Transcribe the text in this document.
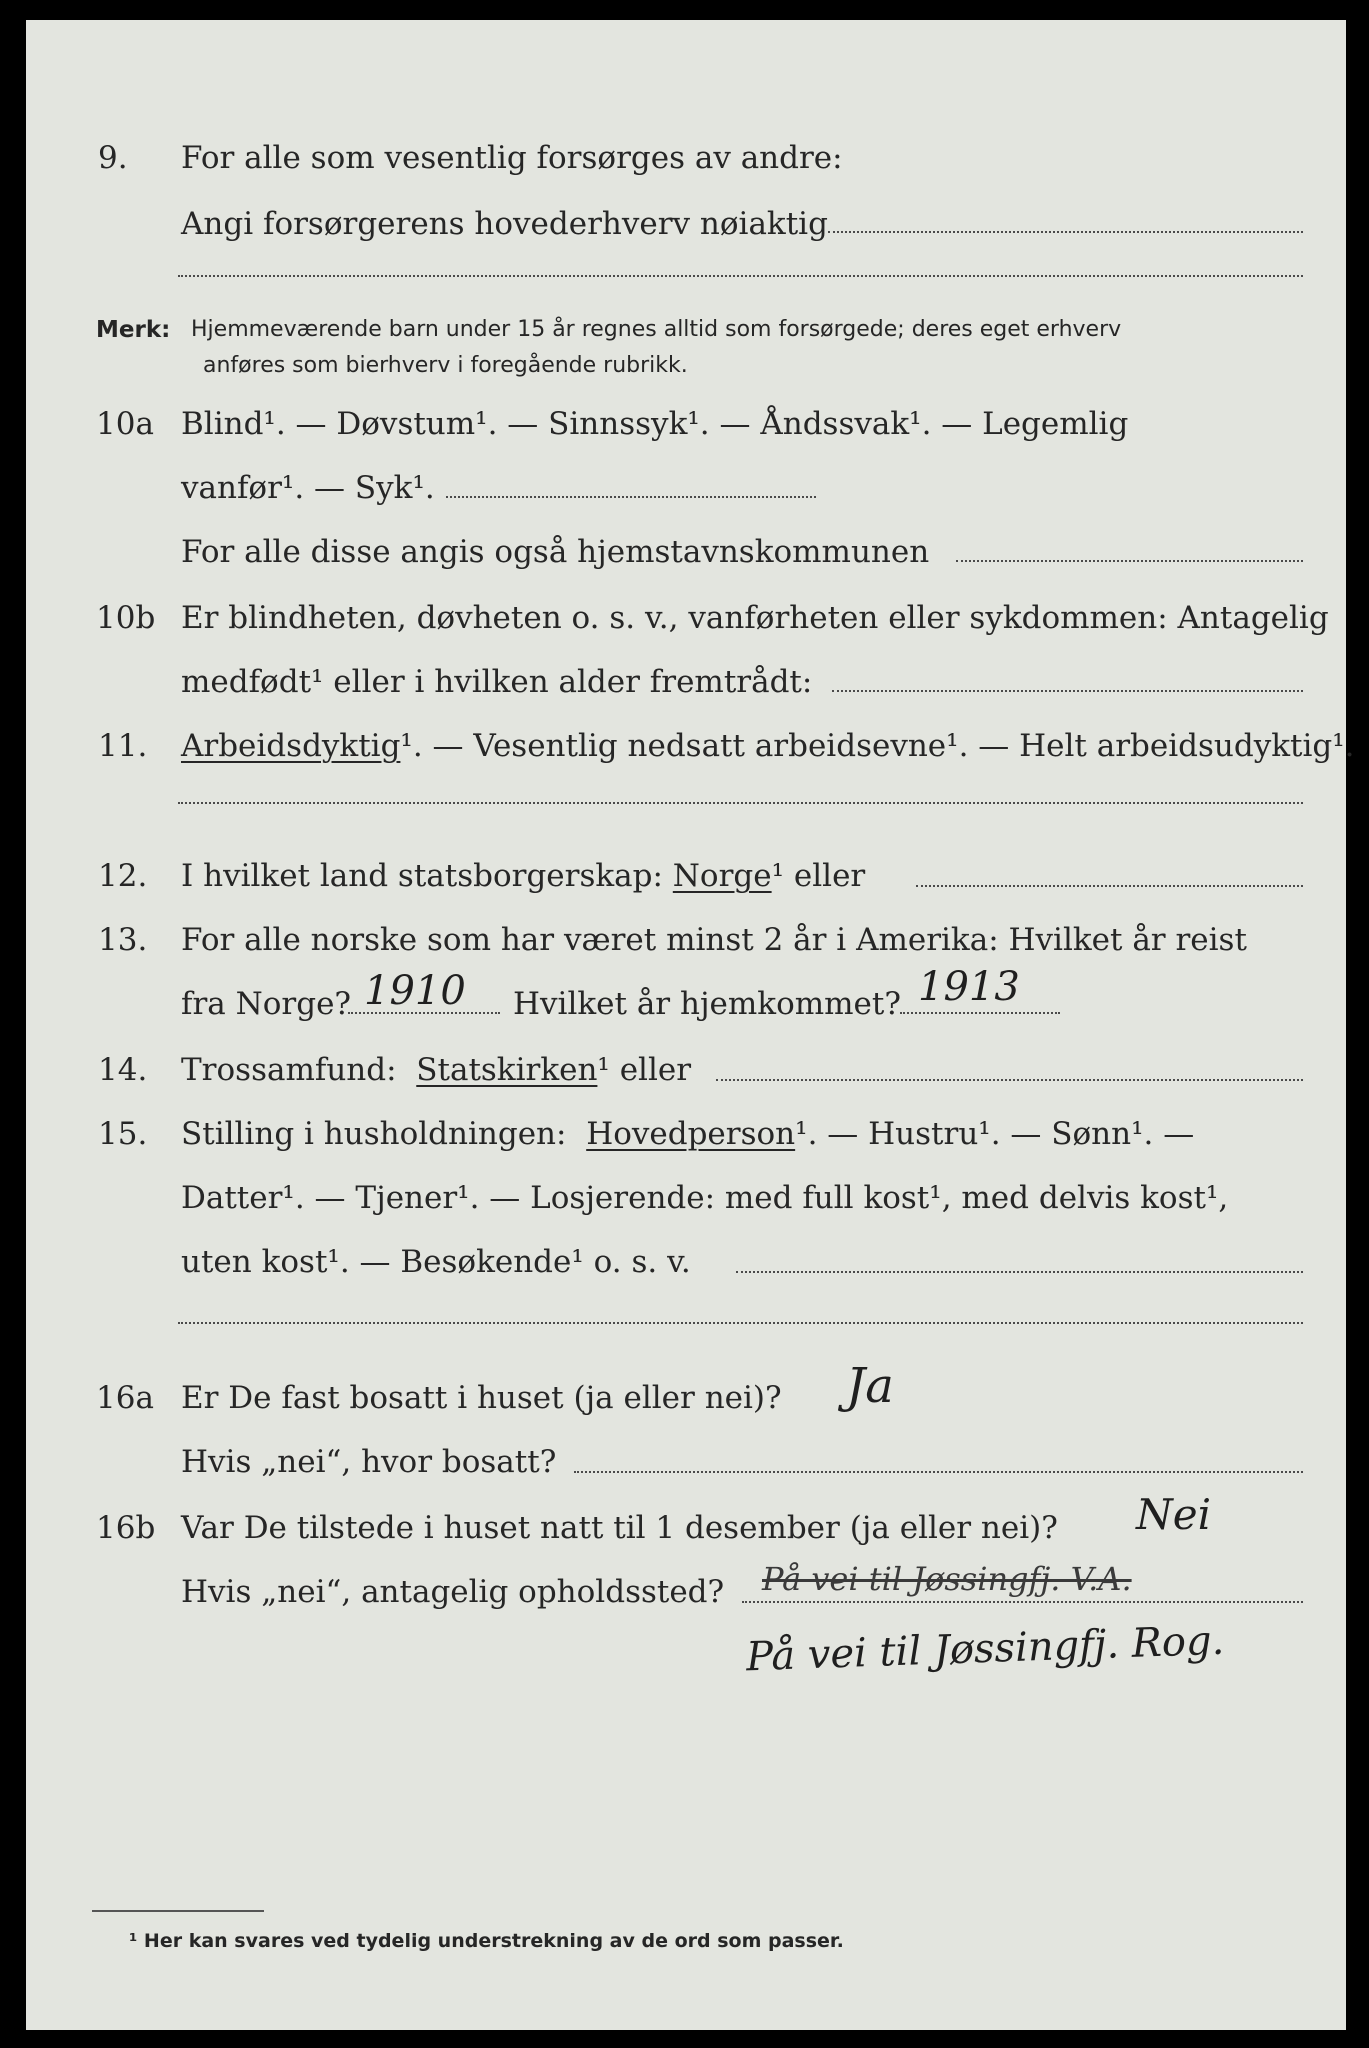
9. For alle som vesentlig forsørges av andre:
Angi forsørgerens hovederhverv nøiaktig
Merk: Hjemmeværende barn under 15 år regnes alltid som forsørgede; deres eget erhverv
anføres som bierhverv i foregående rubrikk.
10a Blind¹. — Døvstum¹. — Sinnssyk¹. — Åndssvak¹. — Legemlig
vanfør¹. — Syk¹.
For alle disse angis også hjemstavnskommunen
10b Er blindheten, døvheten o. s. v., vanførheten eller sykdommen: Antagelig
medfødt¹ eller i hvilken alder fremtrådt:
11. Arbeidsdyktig¹. — Vesentlig nedsatt arbeidsevne¹. — Helt arbeidsudyktig¹.
12. I hvilket land statsborgerskap: Norge¹ eller
13. For alle norske som har været minst 2 år i Amerika: Hvilket år reist
fra Norge?	Hvilket år hjemkommet?
1910	1913
14. Trossamfund: Statskirken¹ eller
15. Stilling i husholdningen: Hovedperson¹. — Hustru¹. — Sønn¹. —
Datter¹. — Tjener¹. — Losjerende: med full kost¹, med delvis kost¹,
uten kost¹. — Besøkende¹ o. s. v.
16a Er De fast bosatt i huset (ja eller nei)? Ja
Hvis „nei“, hvor bosatt?
16b Var De tilstede i huset natt til 1 desember (ja eller nei)? Nei
Hvis „nei“, antagelig opholdssted? På vei til Jøssingfj. V.A.
På vei til Jøssingfj. Rog.
¹ Her kan svares ved tydelig understrekning av de ord som passer.
